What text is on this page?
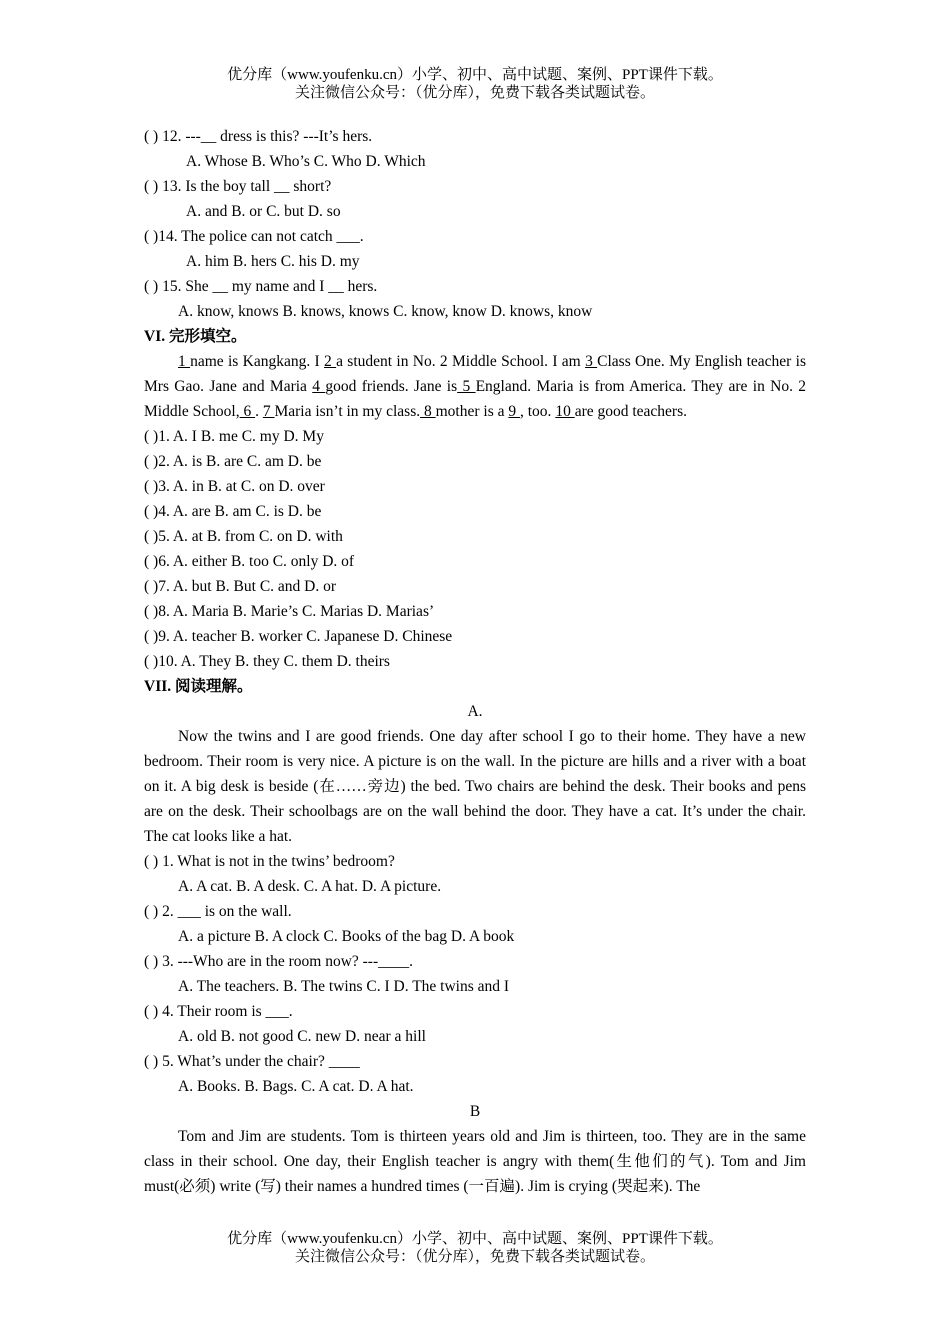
优分库（www.youfenku.cn）小学、初中、高中试题、案例、PPT课件下载。
关注微信公众号：（优分库），免费下载各类试题试卷。
( ) 12. ---__ dress is this? ---It’s hers.
A. Whose B. Who’s C. Who D. Which
( ) 13. Is the boy tall __ short?
A. and B. or C. but D. so
( )14. The police can not catch ___.
A. him B. hers C. his D. my
( ) 15. She __ my name and I __ hers.
A. know, knows B. knows, knows C. know, know D. knows, know
VI. 完形填空。
1 name is Kangkang. I 2 a student in No. 2 Middle School. I am 3 Class One. My English teacher is Mrs Gao. Jane and Maria 4 good friends. Jane is 5 England. Maria is from America. They are in No. 2 Middle School, 6 . 7 Maria isn’t in my class. 8 mother is a 9 , too. 10 are good teachers.
( )1. A. I B. me C. my D. My
( )2. A. is B. are C. am D. be
( )3. A. in B. at C. on D. over
( )4. A. are B. am C. is D. be
( )5. A. at B. from C. on D. with
( )6. A. either B. too C. only D. of
( )7. A. but B. But C. and D. or
( )8. A. Maria B. Marie’s C. Marias D. Marias’
( )9. A. teacher B. worker C. Japanese D. Chinese
( )10. A. They B. they C. them D. theirs
VII. 阅读理解。
A.
Now the twins and I are good friends. One day after school I go to their home. They have a new bedroom. Their room is very nice. A picture is on the wall. In the picture are hills and a river with a boat on it. A big desk is beside (在……旁边) the bed. Two chairs are behind the desk. Their books and pens are on the desk. Their schoolbags are on the wall behind the door. They have a cat. It’s under the chair. The cat looks like a hat.
( ) 1. What is not in the twins’ bedroom?
A. A cat. B. A desk. C. A hat. D. A picture.
( ) 2. ___ is on the wall.
A. a picture B. A clock C. Books of the bag D. A book
( ) 3. ---Who are in the room now? ---____.
A. The teachers. B. The twins C. I D. The twins and I
( ) 4. Their room is ___.
A. old B. not good C. new D. near a hill
( ) 5. What’s under the chair? ____
A. Books. B. Bags. C. A cat. D. A hat.
B
Tom and Jim are students. Tom is thirteen years old and Jim is thirteen, too. They are in the same class in their school. One day, their English teacher is angry with them(生他们的气). Tom and Jim must(必须) write (写) their names a hundred times (一百遍). Jim is crying (哭起来). The
优分库（www.youfenku.cn）小学、初中、高中试题、案例、PPT课件下载。
关注微信公众号：（优分库），免费下载各类试题试卷。
